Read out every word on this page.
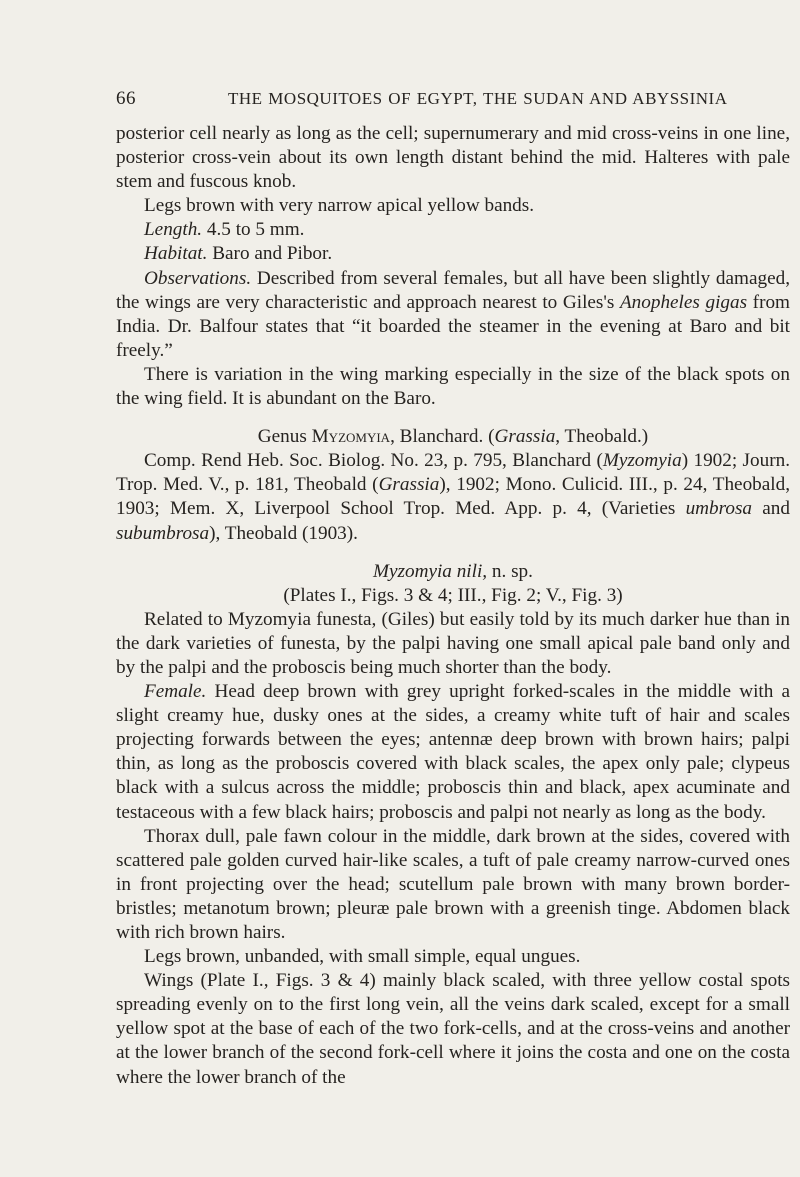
66	THE MOSQUITOES OF EGYPT, THE SUDAN AND ABYSSINIA

posterior cell nearly as long as the cell; supernumerary and mid cross-veins in one line, posterior cross-vein about its own length distant behind the mid. Halteres with pale stem and fuscous knob.

Legs brown with very narrow apical yellow bands.

Length. 4.5 to 5 mm.

Habitat. Baro and Pibor.

Observations. Described from several females, but all have been slightly damaged, the wings are very characteristic and approach nearest to Giles's Anopheles gigas from India. Dr. Balfour states that “it boarded the steamer in the evening at Baro and bit freely.”

There is variation in the wing marking especially in the size of the black spots on the wing field. It is abundant on the Baro.

Genus Myzomyia, Blanchard. (Grassia, Theobald.)

Comp. Rend Heb. Soc. Biolog. No. 23, p. 795, Blanchard (Myzomyia) 1902; Journ. Trop. Med. V., p. 181, Theobald (Grassia), 1902; Mono. Culicid. III., p. 24, Theobald, 1903; Mem. X, Liverpool School Trop. Med. App. p. 4, (Varieties umbrosa and subumbrosa), Theobald (1903).

Myzomyia nili, n. sp.

(Plates I., Figs. 3 & 4; III., Fig. 2; V., Fig. 3)

Related to Myzomyia funesta, (Giles) but easily told by its much darker hue than in the dark varieties of funesta, by the palpi having one small apical pale band only and by the palpi and the proboscis being much shorter than the body.

Female. Head deep brown with grey upright forked-scales in the middle with a slight creamy hue, dusky ones at the sides, a creamy white tuft of hair and scales projecting forwards between the eyes; antennæ deep brown with brown hairs; palpi thin, as long as the proboscis covered with black scales, the apex only pale; clypeus black with a sulcus across the middle; proboscis thin and black, apex acuminate and testaceous with a few black hairs; proboscis and palpi not nearly as long as the body.

Thorax dull, pale fawn colour in the middle, dark brown at the sides, covered with scattered pale golden curved hair-like scales, a tuft of pale creamy narrow-curved ones in front projecting over the head; scutellum pale brown with many brown border-bristles; metanotum brown; pleuræ pale brown with a greenish tinge. Abdomen black with rich brown hairs.

Legs brown, unbanded, with small simple, equal ungues.

Wings (Plate I., Figs. 3 & 4) mainly black scaled, with three yellow costal spots spreading evenly on to the first long vein, all the veins dark scaled, except for a small yellow spot at the base of each of the two fork-cells, and at the cross-veins and another at the lower branch of the second fork-cell where it joins the costa and one on the costa where the lower branch of the
